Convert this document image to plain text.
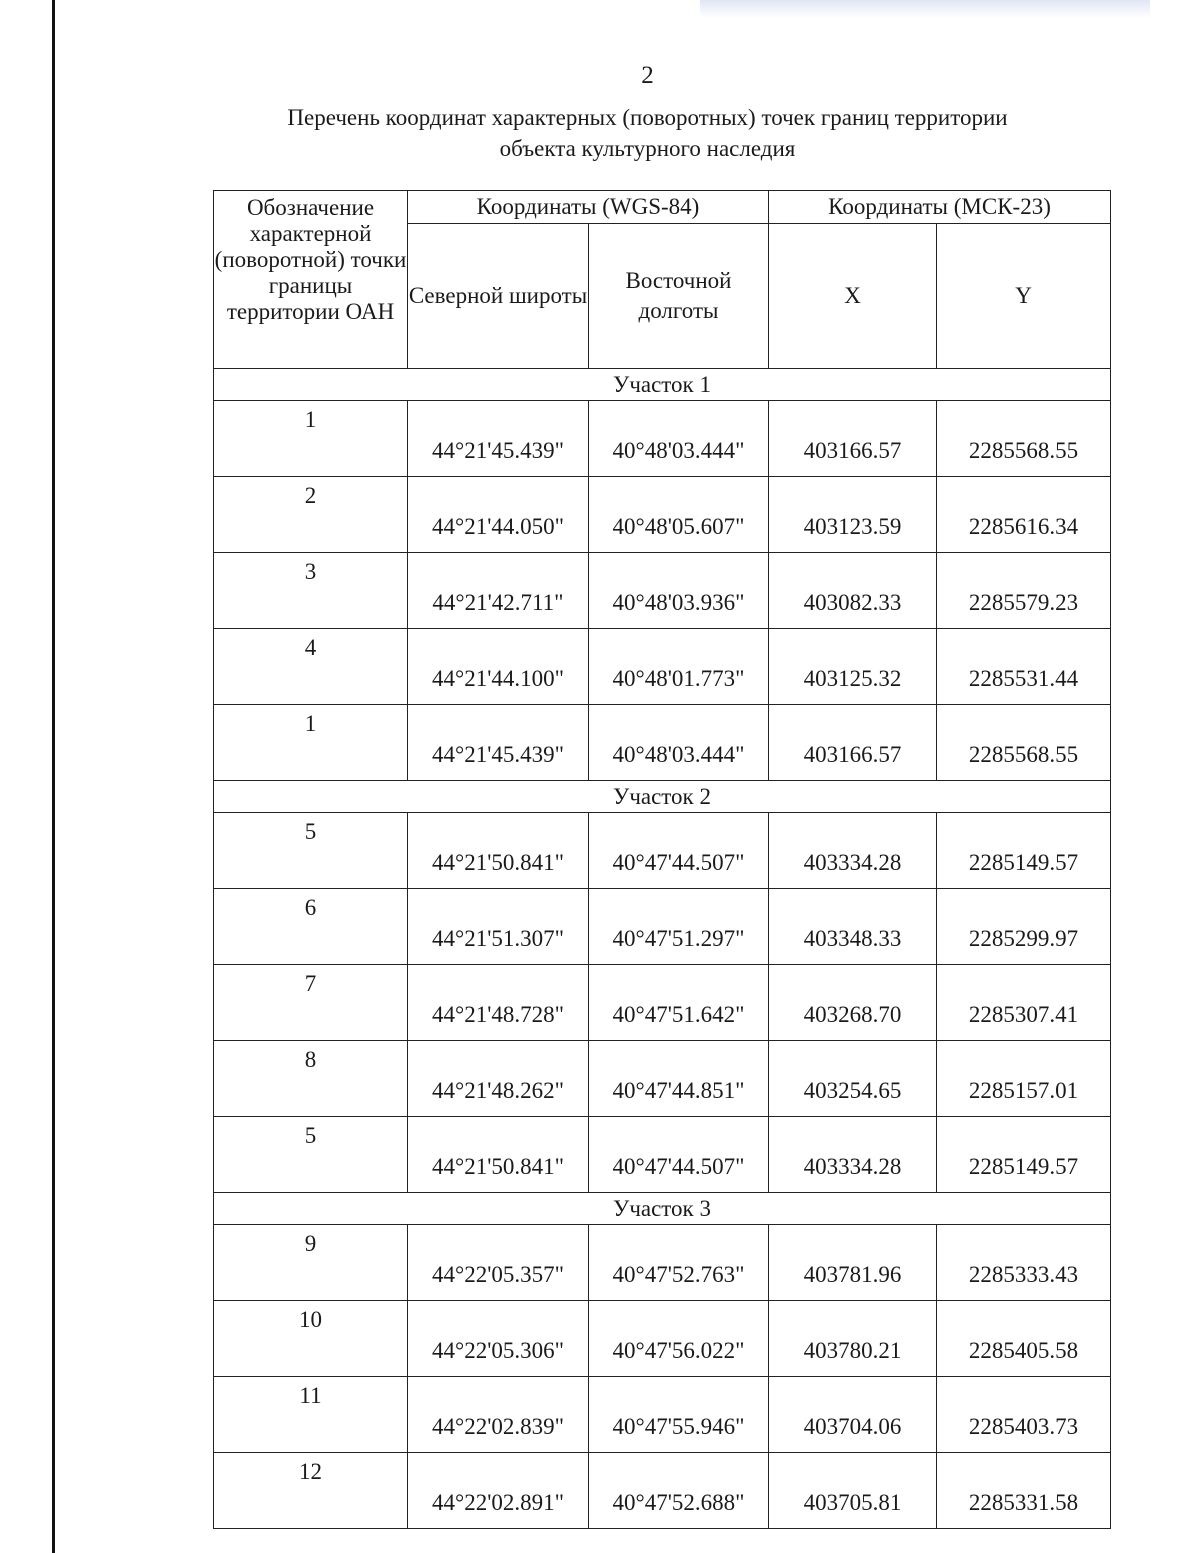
2
Перечень координат характерных (поворотных) точек границ территории
объекта культурного наследия
Обозначение характерной (поворотной) точки границы территории ОАН	Координаты (WGS-84)		Координаты (МСК-23)	
	Северной широты	Восточной долготы	X	Y
Участок 1				
1	44°21'45.439"	40°48'03.444"	403166.57	2285568.55
2	44°21'44.050"	40°48'05.607"	403123.59	2285616.34
3	44°21'42.711"	40°48'03.936"	403082.33	2285579.23
4	44°21'44.100"	40°48'01.773"	403125.32	2285531.44
1	44°21'45.439"	40°48'03.444"	403166.57	2285568.55
Участок 2				
5	44°21'50.841"	40°47'44.507"	403334.28	2285149.57
6	44°21'51.307"	40°47'51.297"	403348.33	2285299.97
7	44°21'48.728"	40°47'51.642"	403268.70	2285307.41
8	44°21'48.262"	40°47'44.851"	403254.65	2285157.01
5	44°21'50.841"	40°47'44.507"	403334.28	2285149.57
Участок 3				
9	44°22'05.357"	40°47'52.763"	403781.96	2285333.43
10	44°22'05.306"	40°47'56.022"	403780.21	2285405.58
11	44°22'02.839"	40°47'55.946"	403704.06	2285403.73
12	44°22'02.891"	40°47'52.688"	403705.81	2285331.58
